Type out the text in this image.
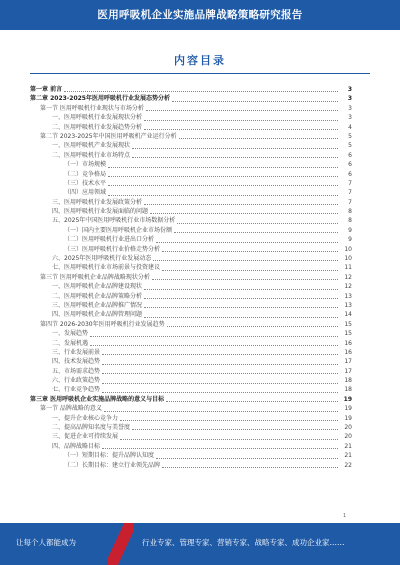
医用呼吸机企业实施品牌战略策略研究报告
内容目录
第一章 前言	3
第二章 2023-2025年医用呼吸机行业发展态势分析	3
第一节 医用呼吸机行业现状与市场分析	3
一、医用呼吸机行业发展现状分析	3
二、医用呼吸机行业发展趋势分析	4
第二节 2023-2025年中国医用呼吸机产业运行分析	5
一、医用呼吸机产业发展现状	5
二、医用呼吸机行业市场特点	6
（一）市场规模	6
（二）竞争格局	6
（三）技术水平	7
（四）应用领域	7
三、医用呼吸机行业发展政策分析	7
四、医用呼吸机行业发展面临的问题	8
五、2025年中国医用呼吸机行业市场数据分析	8
（一）国内主要医用呼吸机企业市场份额	9
（二）医用呼吸机行业进出口分析	9
（三）医用呼吸机行业价格走势分析	10
六、2025年医用呼吸机行业发展动态	10
七、医用呼吸机行业市场前景与投资建议	11
第三节 医用呼吸机企业品牌战略现状分析	12
一、医用呼吸机企业品牌建设现状	12
二、医用呼吸机企业品牌策略分析	13
三、医用呼吸机企业品牌推广情况	13
四、医用呼吸机企业品牌管理问题	14
第四节 2026-2030年医用呼吸机行业发展趋势	15
一、发展趋势	15
二、发展机遇	16
三、行业发展前景	16
四、技术发展趋势	17
五、市场需求趋势	17
六、行业政策趋势	18
七、行业竞争趋势	18
第三章 医用呼吸机企业实施品牌战略的意义与目标	19
第一节 品牌战略的意义	19
一、提升企业核心竞争力	19
二、提高品牌知名度与美誉度	20
三、促进企业可持续发展	20
四、品牌战略目标	21
（一）短期目标：提升品牌认知度	21
（二）长期目标：建立行业领先品牌	22
1
让每个人都能成为	行业专家、管理专家、营销专家、战略专家、成功企业家……
